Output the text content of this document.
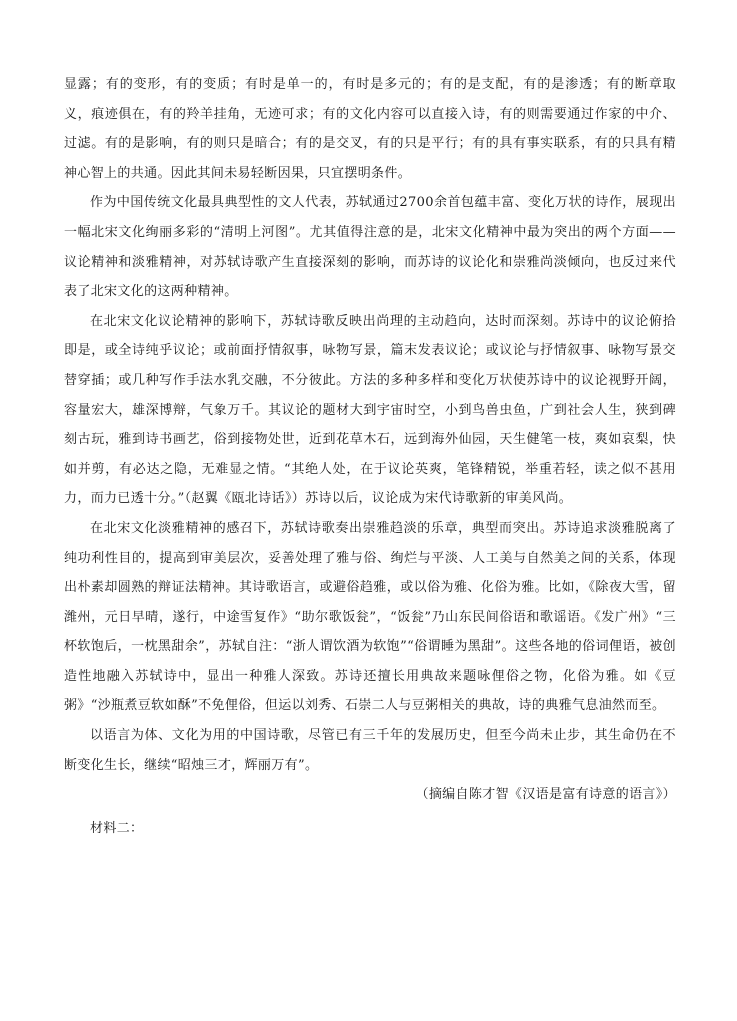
显露；有的变形，有的变质；有时是单一的，有时是多元的；有的是支配，有的是渗透；有的断章取义，痕迹俱在，有的羚羊挂角，无迹可求；有的文化内容可以直接入诗，有的则需要通过作家的中介、过滤。有的是影响，有的则只是暗合；有的是交叉，有的只是平行；有的具有事实联系，有的只具有精神心智上的共通。因此其间未易轻断因果，只宜摆明条件。

作为中国传统文化最具典型性的文人代表，苏轼通过2700余首包蕴丰富、变化万状的诗作，展现出一幅北宋文化绚丽多彩的“清明上河图”。尤其值得注意的是，北宋文化精神中最为突出的两个方面——议论精神和淡雅精神，对苏轼诗歌产生直接深刻的影响，而苏诗的议论化和崇雅尚淡倾向，也反过来代表了北宋文化的这两种精神。

在北宋文化议论精神的影响下，苏轼诗歌反映出尚理的主动趋向，达时而深刻。苏诗中的议论俯拾即是，或全诗纯乎议论；或前面抒情叙事，咏物写景，篇末发表议论；或议论与抒情叙事、咏物写景交替穿插；或几种写作手法水乳交融，不分彼此。方法的多种多样和变化万状使苏诗中的议论视野开阔，容量宏大，雄深博辩，气象万千。其议论的题材大到宇宙时空，小到鸟兽虫鱼，广到社会人生，狭到碑刻古玩，雅到诗书画艺，俗到接物处世，近到花草木石，远到海外仙园，天生健笔一枝，爽如哀梨，快如并剪，有必达之隐，无难显之情。“其绝人处，在于议论英爽，笔锋精锐，举重若轻，读之似不甚用力，而力已透十分。”（赵翼《瓯北诗话》）苏诗以后，议论成为宋代诗歌新的审美风尚。

在北宋文化淡雅精神的感召下，苏轼诗歌奏出崇雅趋淡的乐章，典型而突出。苏诗追求淡雅脱离了纯功利性目的，提高到审美层次，妥善处理了雅与俗、绚烂与平淡、人工美与自然美之间的关系，体现出朴素却圆熟的辩证法精神。其诗歌语言，或避俗趋雅，或以俗为雅、化俗为雅。比如，《除夜大雪，留潍州，元日早晴，遂行，中途雪复作》“助尔歌饭瓮”，“饭瓮”乃山东民间俗语和歌谣语。《发广州》“三杯软饱后，一枕黑甜余”，苏轼自注：“浙人谓饮酒为软饱”“俗谓睡为黑甜”。这些各地的俗词俚语，被创造性地融入苏轼诗中，显出一种雅人深致。苏诗还擅长用典故来题咏俚俗之物，化俗为雅。如《豆粥》“沙瓶煮豆软如酥”不免俚俗，但运以刘秀、石崇二人与豆粥相关的典故，诗的典雅气息油然而至。

以语言为体、文化为用的中国诗歌，尽管已有三千年的发展历史，但至今尚未止步，其生命仍在不断变化生长，继续“昭烛三才，辉丽万有”。

（摘编自陈才智《汉语是富有诗意的语言》）

材料二：
